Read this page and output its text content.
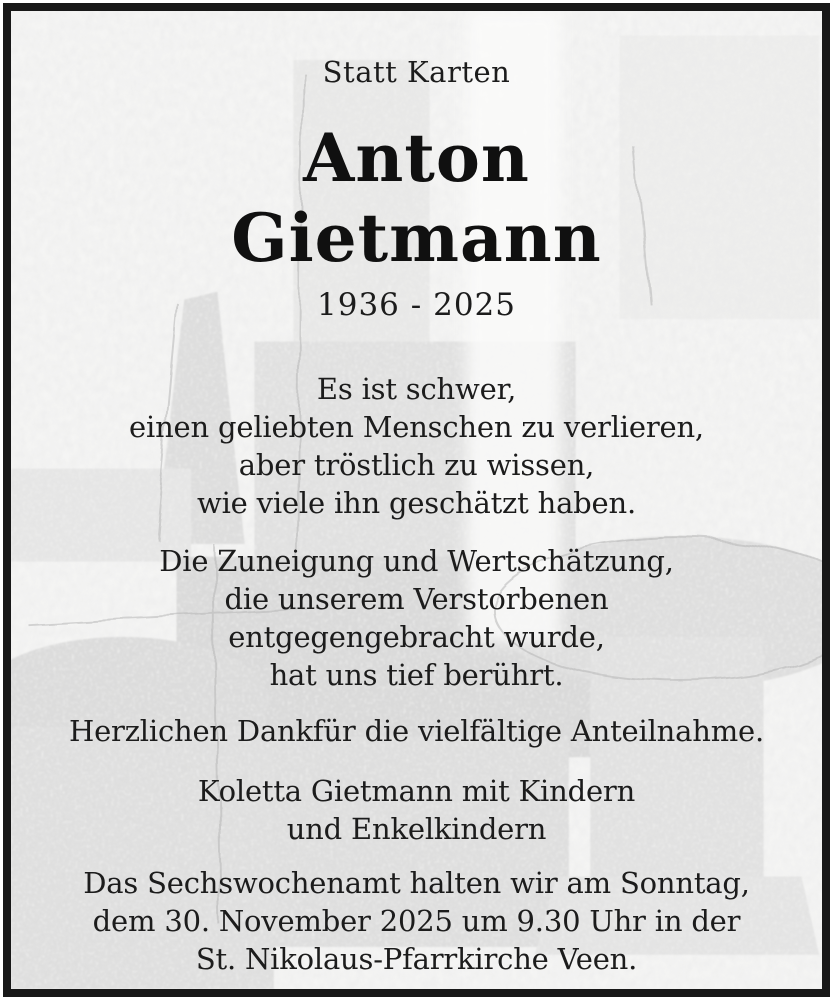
Statt Karten
Anton
Gietmann
1936 - 2025

Es ist schwer,
einen geliebten Menschen zu verlieren,
aber tröstlich zu wissen,
wie viele ihn geschätzt haben.

Die Zuneigung und Wertschätzung,
die unserem Verstorbenen
entgegengebracht wurde,
hat uns tief berührt.

Herzlichen Dankfür die vielfältige Anteilnahme.

Koletta Gietmann mit Kindern
und Enkelkindern

Das Sechswochenamt halten wir am Sonntag,
dem 30. November 2025 um 9.30 Uhr in der
St. Nikolaus-Pfarrkirche Veen.
